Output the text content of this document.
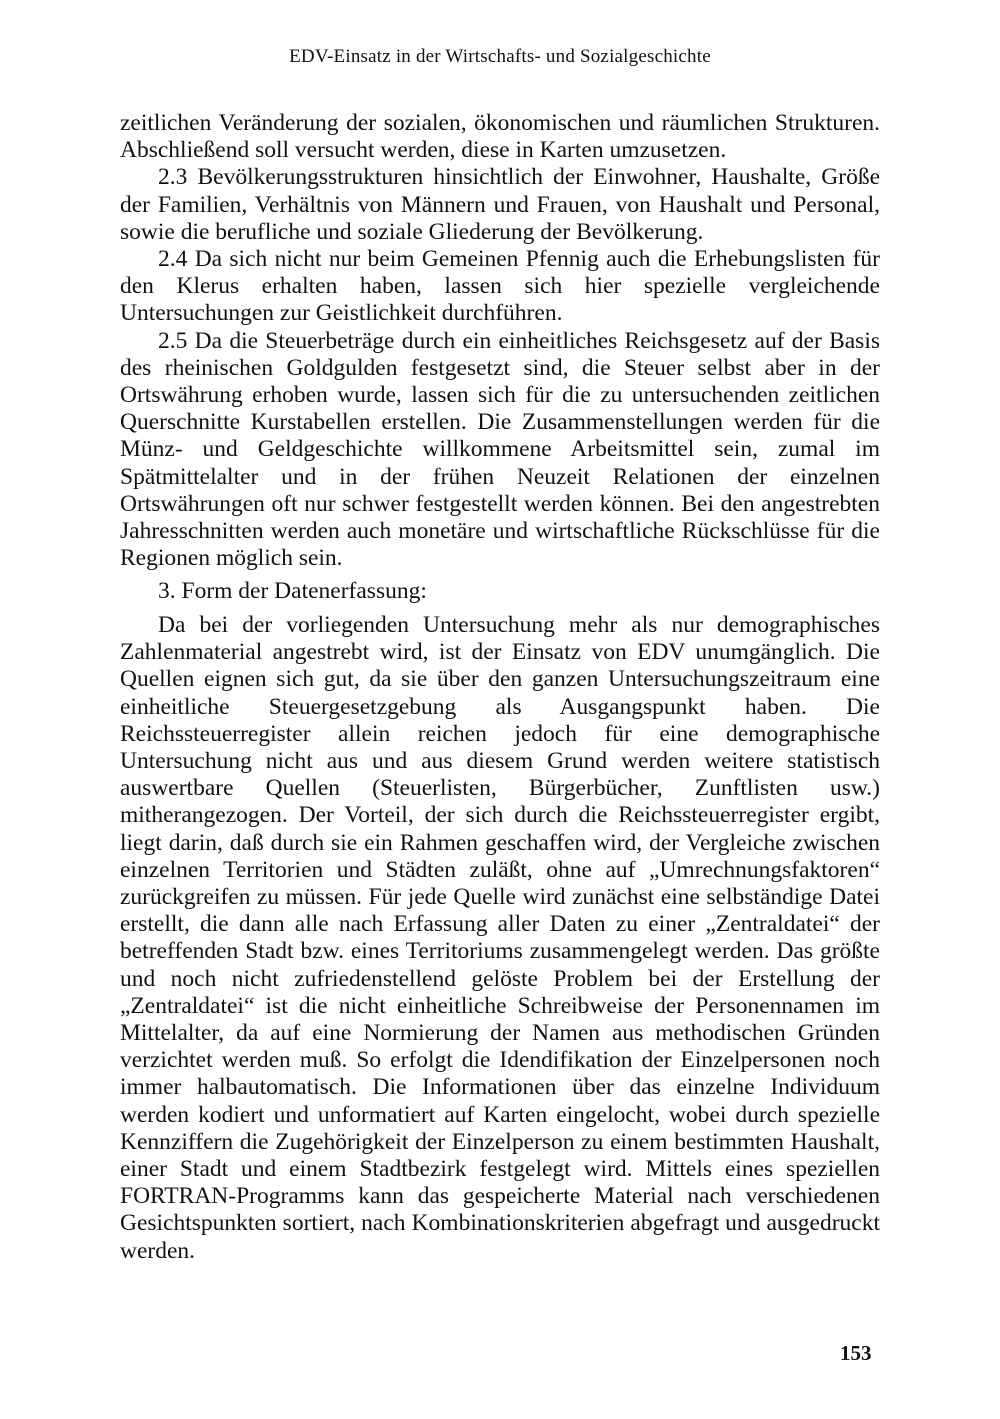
EDV-Einsatz in der Wirtschafts- und Sozialgeschichte

zeitlichen Veränderung der sozialen, ökonomischen und räumlichen Strukturen. Abschließend soll versucht werden, diese in Karten umzusetzen.

2.3 Bevölkerungsstrukturen hinsichtlich der Einwohner, Haushalte, Größe der Familien, Verhältnis von Männern und Frauen, von Haushalt und Personal, sowie die berufliche und soziale Gliederung der Bevölkerung.

2.4 Da sich nicht nur beim Gemeinen Pfennig auch die Erhebungslisten für den Klerus erhalten haben, lassen sich hier spezielle vergleichende Untersuchungen zur Geistlichkeit durchführen.

2.5 Da die Steuerbeträge durch ein einheitliches Reichsgesetz auf der Basis des rheinischen Goldgulden festgesetzt sind, die Steuer selbst aber in der Ortswährung erhoben wurde, lassen sich für die zu untersuchenden zeitlichen Querschnitte Kurstabellen erstellen. Die Zusammenstellungen werden für die Münz- und Geldgeschichte willkommene Arbeitsmittel sein, zumal im Spätmittelalter und in der frühen Neuzeit Relationen der einzelnen Ortswährungen oft nur schwer festgestellt werden können. Bei den angestrebten Jahresschnitten werden auch monetäre und wirtschaftliche Rückschlüsse für die Regionen möglich sein.

3. Form der Datenerfassung:

Da bei der vorliegenden Untersuchung mehr als nur demographisches Zahlenmaterial angestrebt wird, ist der Einsatz von EDV unumgänglich. Die Quellen eignen sich gut, da sie über den ganzen Untersuchungszeitraum eine einheitliche Steuergesetzgebung als Ausgangspunkt haben. Die Reichssteuerregister allein reichen jedoch für eine demographische Untersuchung nicht aus und aus diesem Grund werden weitere statistisch auswertbare Quellen (Steuerlisten, Bürgerbücher, Zunftlisten usw.) mitherangezogen. Der Vorteil, der sich durch die Reichssteuerregister ergibt, liegt darin, daß durch sie ein Rahmen geschaffen wird, der Vergleiche zwischen einzelnen Territorien und Städten zuläßt, ohne auf „Umrechnungsfaktoren“ zurückgreifen zu müssen. Für jede Quelle wird zunächst eine selbständige Datei erstellt, die dann alle nach Erfassung aller Daten zu einer „Zentraldatei“ der betreffenden Stadt bzw. eines Territoriums zusammengelegt werden. Das größte und noch nicht zufriedenstellend gelöste Problem bei der Erstellung der „Zentraldatei“ ist die nicht einheitliche Schreibweise der Personennamen im Mittelalter, da auf eine Normierung der Namen aus methodischen Gründen verzichtet werden muß. So erfolgt die Idendifikation der Einzelpersonen noch immer halbautomatisch. Die Informationen über das einzelne Individuum werden kodiert und unformatiert auf Karten eingelocht, wobei durch spezielle Kennziffern die Zugehörigkeit der Einzelperson zu einem bestimmten Haushalt, einer Stadt und einem Stadtbezirk festgelegt wird. Mittels eines speziellen FORTRAN-Programms kann das gespeicherte Material nach verschiedenen Gesichtspunkten sortiert, nach Kombinationskriterien abgefragt und ausgedruckt werden.

153
